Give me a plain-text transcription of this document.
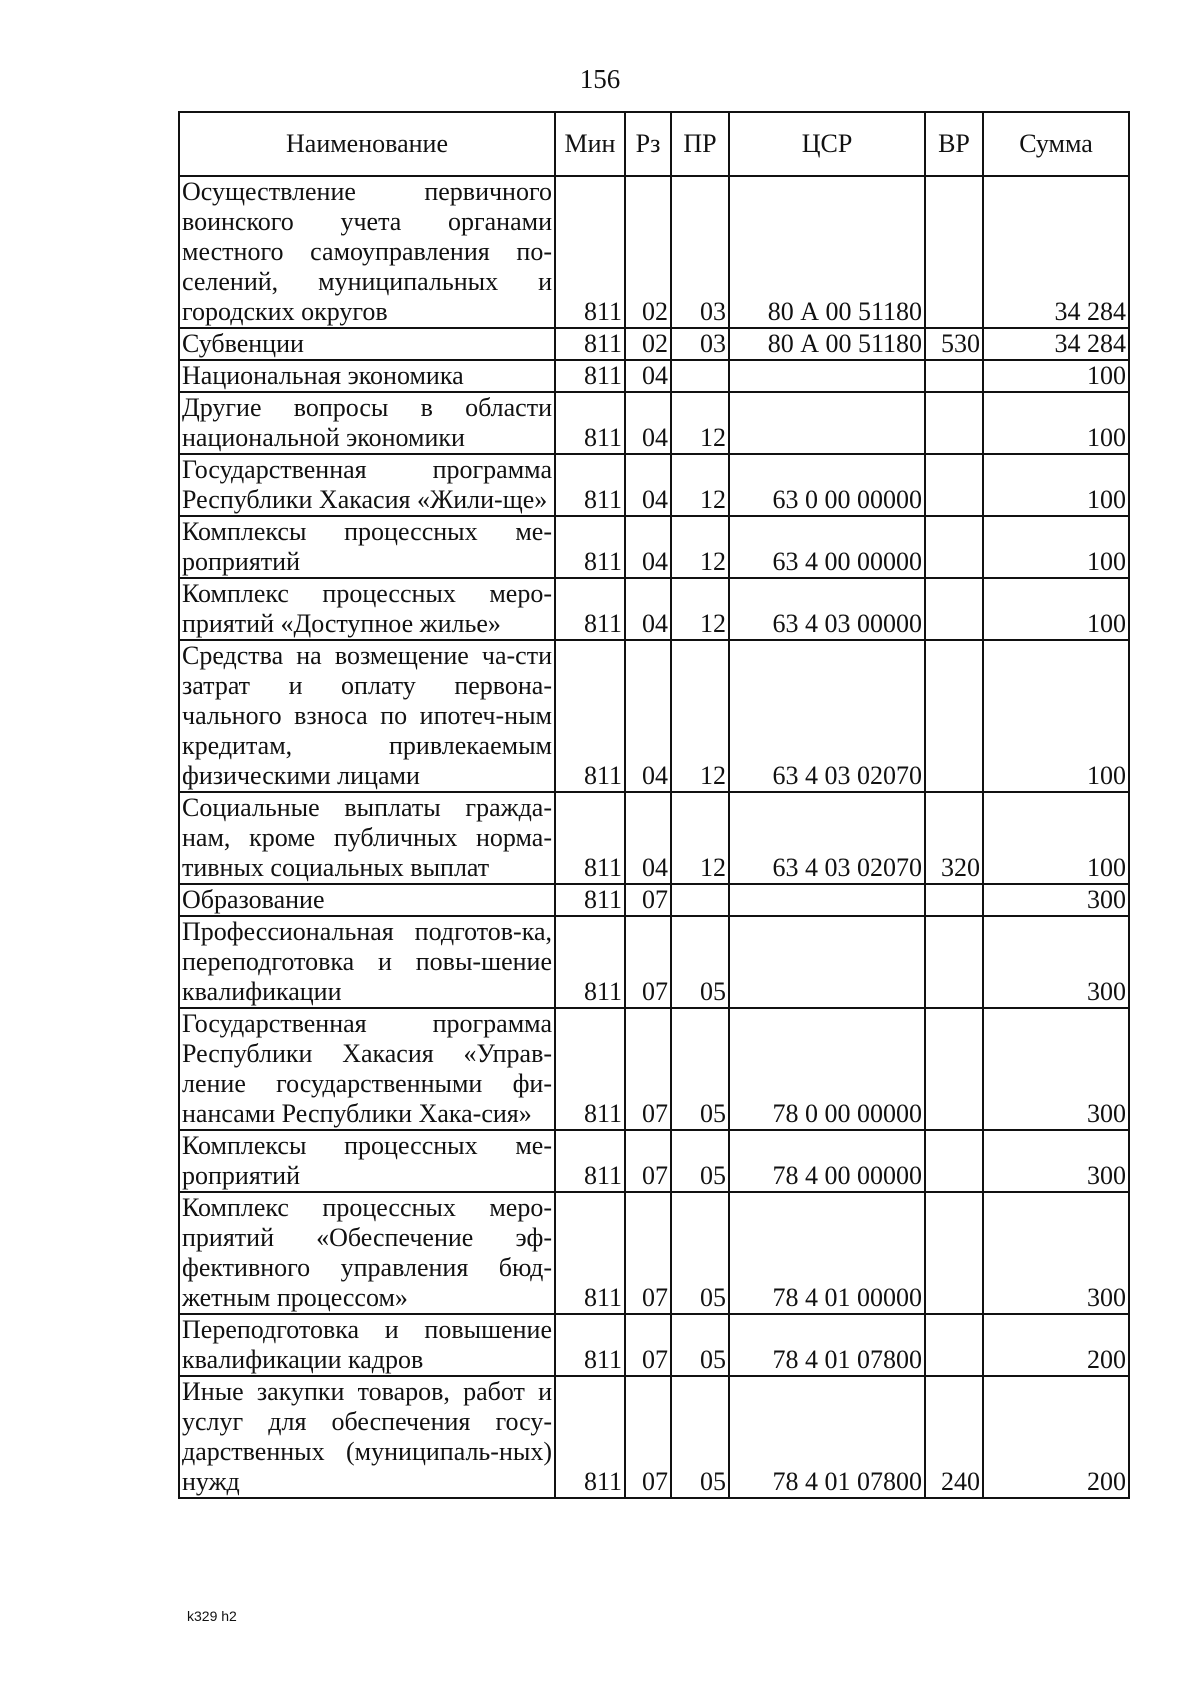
156
Наименование	Мин	Рз	ПР	ЦСР	ВР	Сумма
Осуществление первичного воинского учета органами местного самоуправления по-селений, муниципальных и городских округов	811	02	03	80 А 00 51180		34 284
Субвенции	811	02	03	80 А 00 51180	530	34 284
Национальная экономика	811	04				100
Другие вопросы в области национальной экономики	811	04	12			100
Государственная программа Республики Хакасия «Жили-ще»	811	04	12	63 0 00 00000		100
Комплексы процессных ме-роприятий	811	04	12	63 4 00 00000		100
Комплекс процессных меро-приятий «Доступное жилье»	811	04	12	63 4 03 00000		100
Средства на возмещение ча-сти затрат и оплату первона-чального взноса по ипотеч-ным кредитам, привлекаемым физическими лицами	811	04	12	63 4 03 02070		100
Социальные выплаты гражда-нам, кроме публичных норма-тивных социальных выплат	811	04	12	63 4 03 02070	320	100
Образование	811	07				300
Профессиональная подготов-ка, переподготовка и повы-шение квалификации	811	07	05			300
Государственная программа Республики Хакасия «Управ-ление государственными фи-нансами Республики Хака-сия»	811	07	05	78 0 00 00000		300
Комплексы процессных ме-роприятий	811	07	05	78 4 00 00000		300
Комплекс процессных меро-приятий «Обеспечение эф-фективного управления бюд-жетным процессом»	811	07	05	78 4 01 00000		300
Переподготовка и повышение квалификации кадров	811	07	05	78 4 01 07800		200
Иные закупки товаров, работ и услуг для обеспечения госу-дарственных (муниципаль-ных) нужд	811	07	05	78 4 01 07800	240	200
k329 h2
